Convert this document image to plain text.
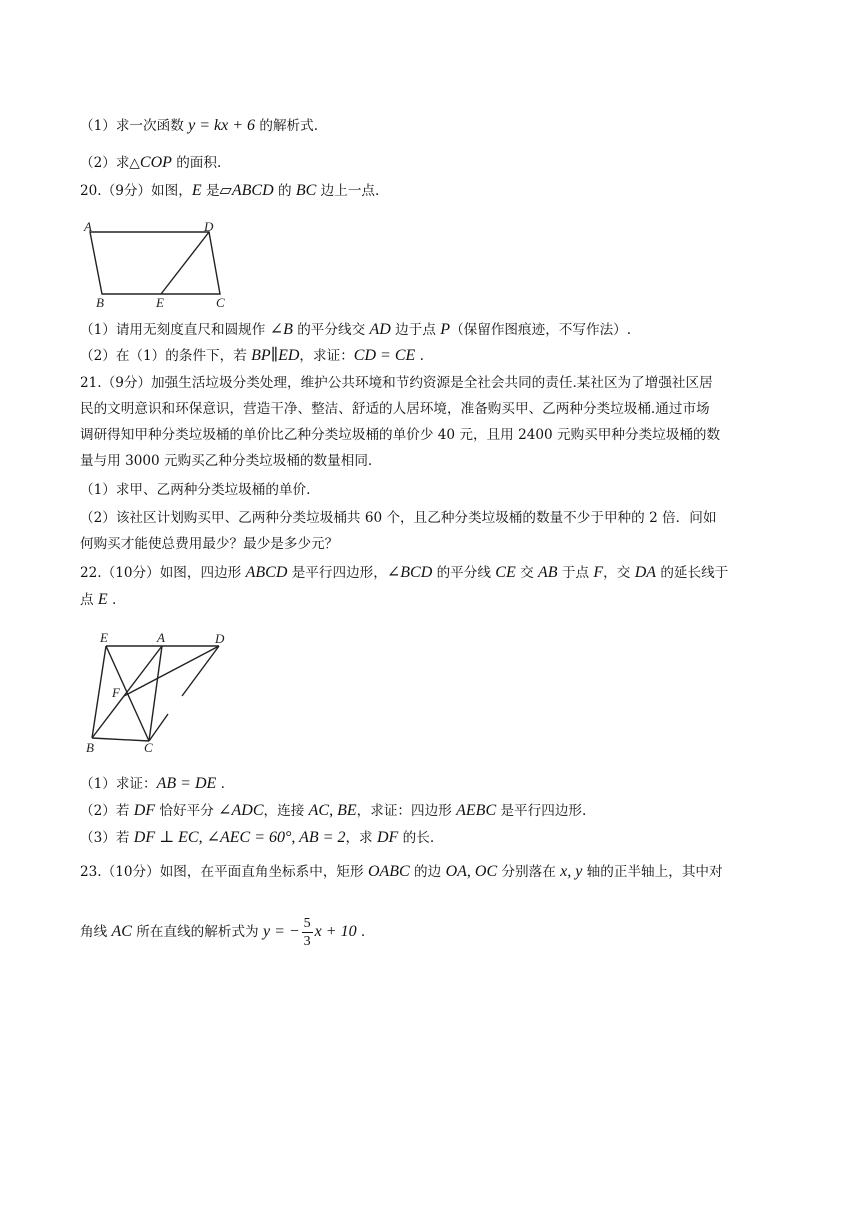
（1）求一次函数 y = kx + 6 的解析式.
（2）求△COP 的面积.
20.（9分）如图，E 是▱ABCD 的 BC 边上一点.
A	D
B	E	C
（1）请用无刻度直尺和圆规作 ∠B 的平分线交 AD 边于点 P（保留作图痕迹，不写作法）.
（2）在（1）的条件下，若 BP∥ED，求证：CD = CE .
21.（9分）加强生活垃圾分类处理，维护公共环境和节约资源是全社会共同的责任.某社区为了增强社区居
民的文明意识和环保意识，营造干净、整洁、舒适的人居环境，准备购买甲、乙两种分类垃圾桶.通过市场
调研得知甲种分类垃圾桶的单价比乙种分类垃圾桶的单价少 40 元，且用 2400 元购买甲种分类垃圾桶的数
量与用 3000 元购买乙种分类垃圾桶的数量相同.
（1）求甲、乙两种分类垃圾桶的单价.
（2）该社区计划购买甲、乙两种分类垃圾桶共 60 个，且乙种分类垃圾桶的数量不少于甲种的 2 倍．问如
何购买才能使总费用最少？最少是多少元？
22.（10分）如图，四边形 ABCD 是平行四边形，∠BCD 的平分线 CE 交 AB 于点 F，交 DA 的延长线于
点 E .
E	A	D
F
B	C
（1）求证：AB = DE .
（2）若 DF 恰好平分 ∠ADC，连接 AC, BE，求证：四边形 AEBC 是平行四边形.
（3）若 DF ⊥ EC, ∠AEC = 60°, AB = 2，求 DF 的长.
23.（10分）如图，在平面直角坐标系中，矩形 OABC 的边 OA, OC 分别落在 x, y 轴的正半轴上，其中对
角线 AC 所在直线的解析式为 y = − $\frac{5}{3}$ x + 10 .
